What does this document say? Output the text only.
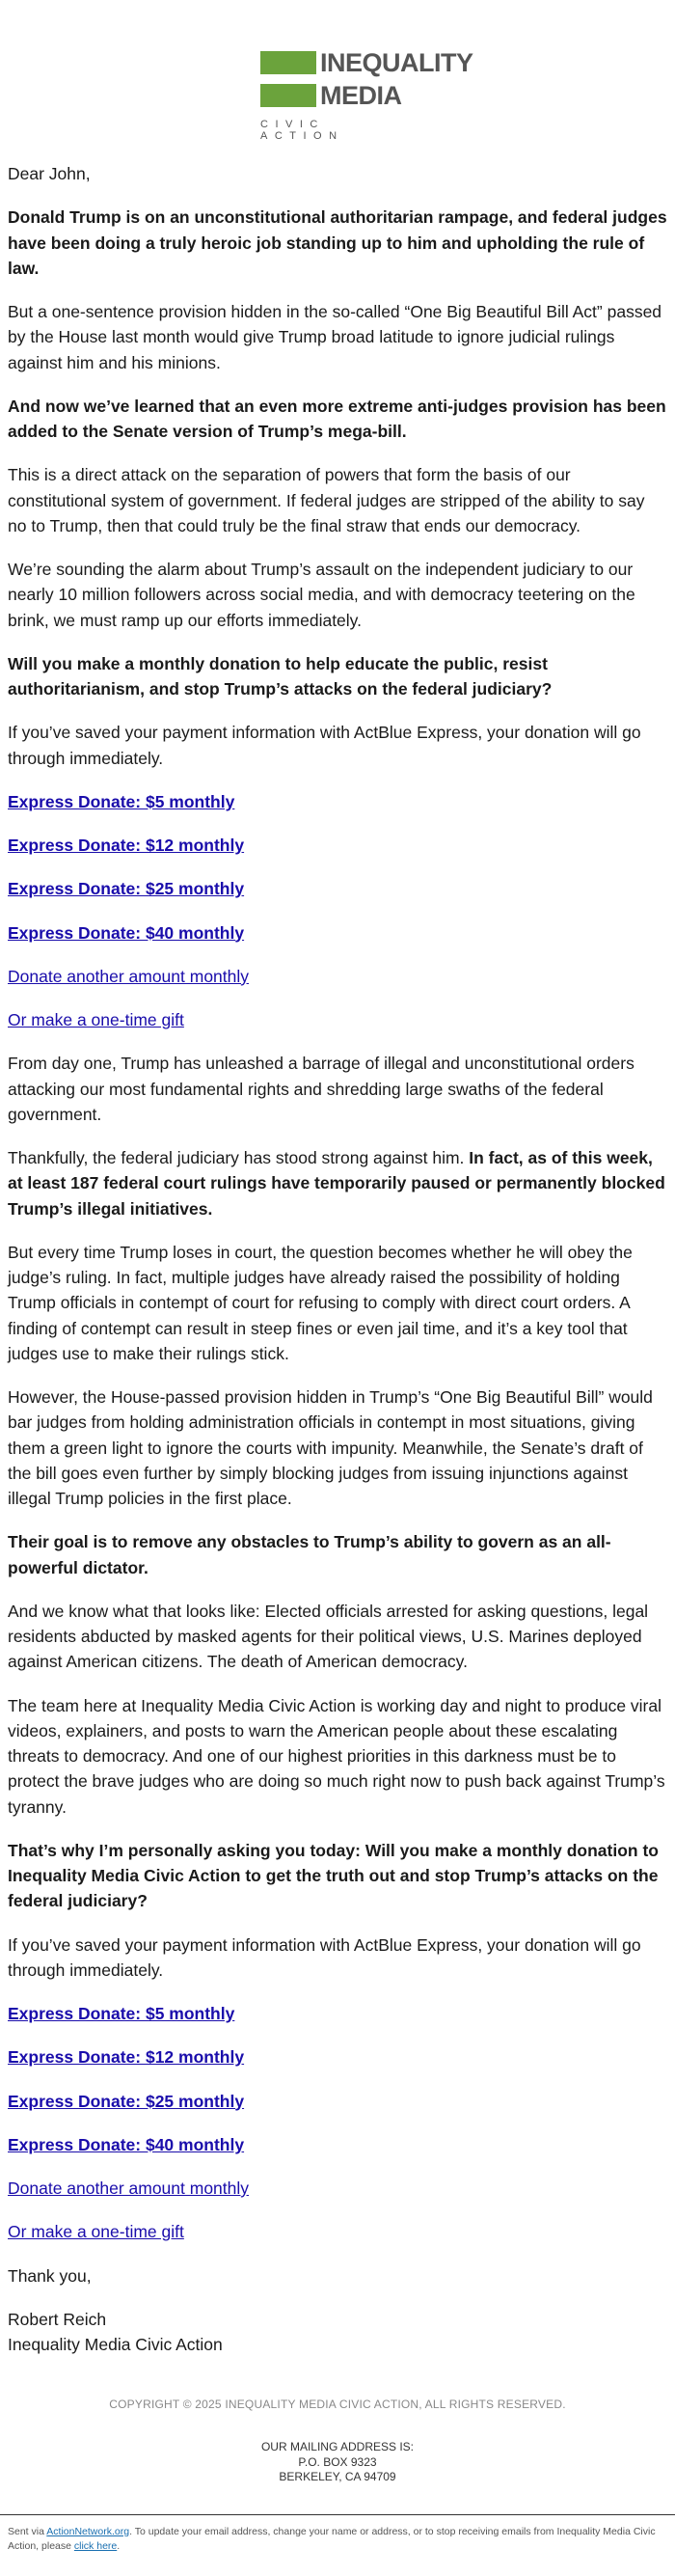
INEQUALITY
MEDIA
CIVIC ACTION

Dear John,

Donald Trump is on an unconstitutional authoritarian rampage, and federal judges have been doing a truly heroic job standing up to him and upholding the rule of law.

But a one-sentence provision hidden in the so-called “One Big Beautiful Bill Act” passed by the House last month would give Trump broad latitude to ignore judicial rulings against him and his minions.

And now we’ve learned that an even more extreme anti-judges provision has been added to the Senate version of Trump’s mega-bill.

This is a direct attack on the separation of powers that form the basis of our constitutional system of government. If federal judges are stripped of the ability to say no to Trump, then that could truly be the final straw that ends our democracy.

We’re sounding the alarm about Trump’s assault on the independent judiciary to our nearly 10 million followers across social media, and with democracy teetering on the brink, we must ramp up our efforts immediately.

Will you make a monthly donation to help educate the public, resist authoritarianism, and stop Trump’s attacks on the federal judiciary?

If you’ve saved your payment information with ActBlue Express, your donation will go through immediately.

Express Donate: $5 monthly

Express Donate: $12 monthly

Express Donate: $25 monthly

Express Donate: $40 monthly

Donate another amount monthly

Or make a one-time gift

From day one, Trump has unleashed a barrage of illegal and unconstitutional orders attacking our most fundamental rights and shredding large swaths of the federal government.

Thankfully, the federal judiciary has stood strong against him. In fact, as of this week, at least 187 federal court rulings have temporarily paused or permanently blocked Trump’s illegal initiatives.

But every time Trump loses in court, the question becomes whether he will obey the judge’s ruling. In fact, multiple judges have already raised the possibility of holding Trump officials in contempt of court for refusing to comply with direct court orders. A finding of contempt can result in steep fines or even jail time, and it’s a key tool that judges use to make their rulings stick.

However, the House-passed provision hidden in Trump’s “One Big Beautiful Bill” would bar judges from holding administration officials in contempt in most situations, giving them a green light to ignore the courts with impunity. Meanwhile, the Senate’s draft of the bill goes even further by simply blocking judges from issuing injunctions against illegal Trump policies in the first place.

Their goal is to remove any obstacles to Trump’s ability to govern as an all-powerful dictator.

And we know what that looks like: Elected officials arrested for asking questions, legal residents abducted by masked agents for their political views, U.S. Marines deployed against American citizens. The death of American democracy.

The team here at Inequality Media Civic Action is working day and night to produce viral videos, explainers, and posts to warn the American people about these escalating threats to democracy. And one of our highest priorities in this darkness must be to protect the brave judges who are doing so much right now to push back against Trump’s tyranny.

That’s why I’m personally asking you today: Will you make a monthly donation to Inequality Media Civic Action to get the truth out and stop Trump’s attacks on the federal judiciary?

If you’ve saved your payment information with ActBlue Express, your donation will go through immediately.

Express Donate: $5 monthly

Express Donate: $12 monthly

Express Donate: $25 monthly

Express Donate: $40 monthly

Donate another amount monthly

Or make a one-time gift

Thank you,

Robert Reich
Inequality Media Civic Action

COPYRIGHT © 2025 INEQUALITY MEDIA CIVIC ACTION, ALL RIGHTS RESERVED.
OUR MAILING ADDRESS IS:
P.O. BOX 9323
BERKELEY, CA 94709
Sent via ActionNetwork.org. To update your email address, change your name or address, or to stop receiving emails from Inequality Media Civic Action, please click here.
